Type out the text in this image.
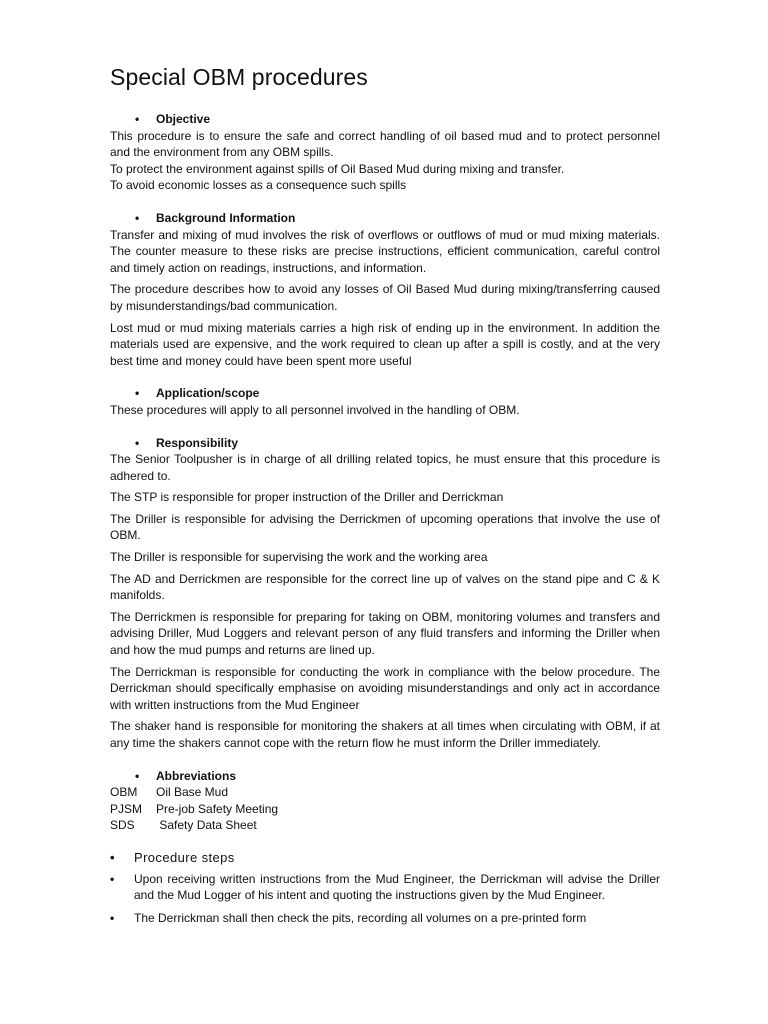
Special OBM procedures
•	Objective

This procedure is to ensure the safe and correct handling of oil based mud and to protect personnel and the environment from any OBM spills.

To protect the environment against spills of Oil Based Mud during mixing and transfer.

To avoid economic losses as a consequence such spills

•	Background Information

Transfer and mixing of mud involves the risk of overflows or outflows of mud or mud mixing materials. The counter measure to these risks are precise instructions, efficient communication, careful control and timely action on readings, instructions, and information.

The procedure describes how to avoid any losses of Oil Based Mud during mixing/transferring caused by misunderstandings/bad communication.

Lost mud or mud mixing materials carries a high risk of ending up in the environment. In addition the materials used are expensive, and the work required to clean up after a spill is costly, and at the very best time and money could have been spent more useful

•	Application/scope

These procedures will apply to all personnel involved in the handling of OBM.

•	Responsibility

The Senior Toolpusher is in charge of all drilling related topics, he must ensure that this procedure is adhered to.

The STP is responsible for proper instruction of the Driller and Derrickman

The Driller is responsible for advising the Derrickmen of upcoming operations that involve the use of OBM.

The Driller is responsible for supervising the work and the working area

The AD and Derrickmen are responsible for the correct line up of valves on the stand pipe and C & K manifolds.

The Derrickmen is responsible for preparing for taking on OBM, monitoring volumes and transfers and advising Driller, Mud Loggers and relevant person of any fluid transfers and informing the Driller when and how the mud pumps and returns are lined up.

The Derrickman is responsible for conducting the work in compliance with the below procedure. The Derrickman should specifically emphasise on avoiding misunderstandings and only act in accordance with written instructions from the Mud Engineer

The shaker hand is responsible for monitoring the shakers at all times when circulating with OBM, if at any time the shakers cannot cope with the return flow he must inform the Driller immediately.

•	Abbreviations
OBM	Oil Base Mud
PJSM	Pre-job Safety Meeting
SDS	Safety Data Sheet
•	Procedure steps
•	Upon receiving written instructions from the Mud Engineer, the Derrickman will advise the Driller and the Mud Logger of his intent and quoting the instructions given by the Mud Engineer.
•	The Derrickman shall then check the pits, recording all volumes on a pre-printed form
